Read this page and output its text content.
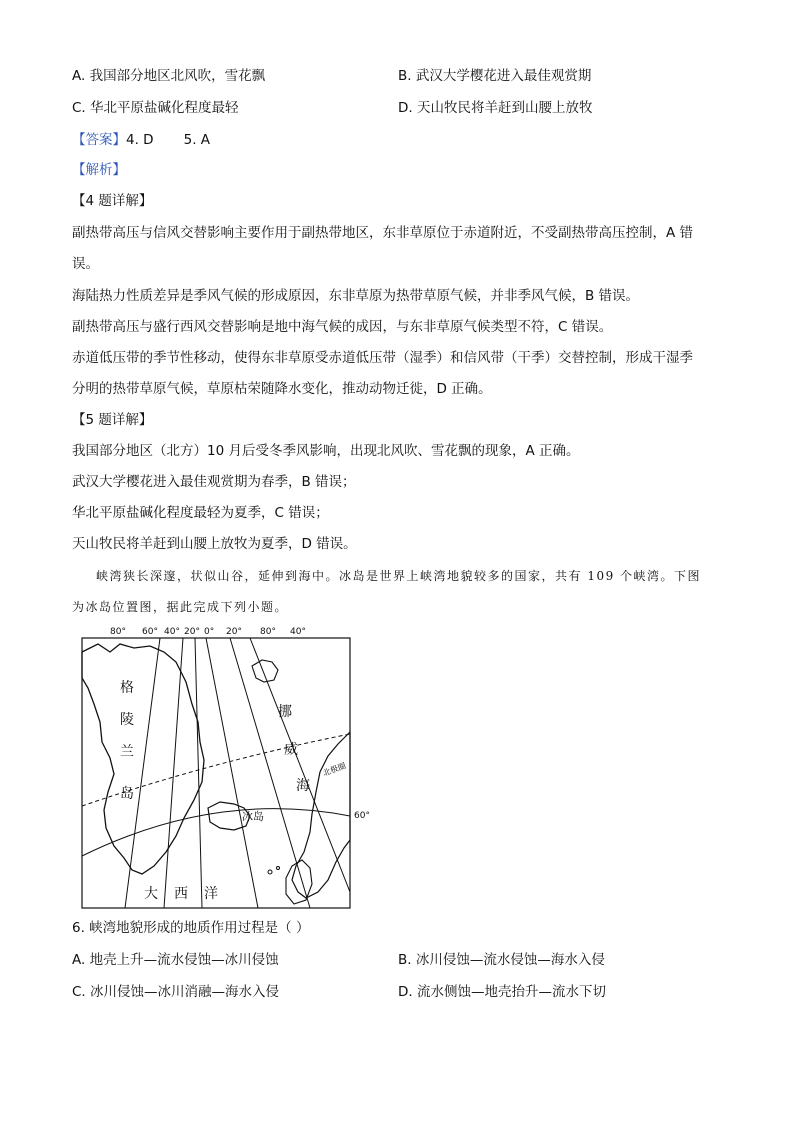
A. 我国部分地区北风吹，雪花飘	B. 武汉大学樱花进入最佳观赏期
C. 华北平原盐碱化程度最轻	D. 天山牧民将羊赶到山腰上放牧
【答案】4. D       5. A
【解析】
【4 题详解】
副热带高压与信风交替影响主要作用于副热带地区，东非草原位于赤道附近，不受副热带高压控制，A 错
误。
海陆热力性质差异是季风气候的形成原因，东非草原为热带草原气候，并非季风气候，B 错误。
副热带高压与盛行西风交替影响是地中海气候的成因，与东非草原气候类型不符，C 错误。
赤道低压带的季节性移动，使得东非草原受赤道低压带（湿季）和信风带（干季）交替控制，形成干湿季
分明的热带草原气候，草原枯荣随降水变化，推动动物迁徙，D 正确。
【5 题详解】
我国部分地区（北方）10 月后受冬季风影响，出现北风吹、雪花飘的现象，A 正确。
武汉大学樱花进入最佳观赏期为春季，B 错误；
华北平原盐碱化程度最轻为夏季，C 错误；
天山牧民将羊赶到山腰上放牧为夏季，D 错误。
峡湾狭长深邃，状似山谷，延伸到海中。冰岛是世界上峡湾地貌较多的国家，共有 109 个峡湾。下图
为冰岛位置图，据此完成下列小题。
80° 60° 40° 20° 0° 20° 80° 40°
60°
格
陵
兰
岛
挪
威
海
冰岛
大 西 洋
北极圈
6. 峡湾地貌形成的地质作用过程是（ ）
A. 地壳上升—流水侵蚀—冰川侵蚀	B. 冰川侵蚀—流水侵蚀—海水入侵
C. 冰川侵蚀—冰川消融—海水入侵	D. 流水侧蚀—地壳抬升—流水下切
